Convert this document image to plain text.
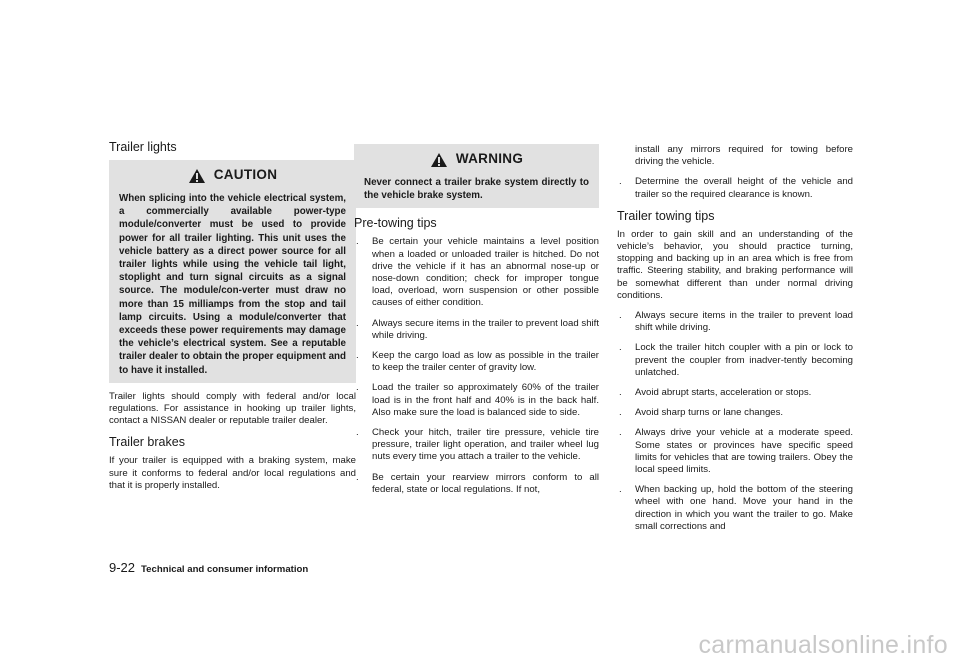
Trailer lights
CAUTION
When splicing into the vehicle electrical system, a commercially available power-type module/converter must be used to provide power for all trailer lighting. This unit uses the vehicle battery as a direct power source for all trailer lights while using the vehicle tail light, stoplight and turn signal circuits as a signal source. The module/con-verter must draw no more than 15 milliamps from the stop and tail lamp circuits. Using a module/converter that exceeds these power requirements may damage the vehicle’s electrical system. See a reputable trailer dealer to obtain the proper equipment and to have it installed.
Trailer lights should comply with federal and/or local regulations. For assistance in hooking up trailer lights, contact a NISSAN dealer or reputable trailer dealer.
Trailer brakes
If your trailer is equipped with a braking system, make sure it conforms to federal and/or local regulations and that it is properly installed.
WARNING
Never connect a trailer brake system directly to the vehicle brake system.
Pre-towing tips
. Be certain your vehicle maintains a level position when a loaded or unloaded trailer is hitched. Do not drive the vehicle if it has an abnormal nose-up or nose-down condition; check for improper tongue load, overload, worn suspension or other possible causes of either condition.
. Always secure items in the trailer to prevent load shift while driving.
. Keep the cargo load as low as possible in the trailer to keep the trailer center of gravity low.
. Load the trailer so approximately 60% of the trailer load is in the front half and 40% is in the back half. Also make sure the load is balanced side to side.
. Check your hitch, trailer tire pressure, vehicle tire pressure, trailer light operation, and trailer wheel lug nuts every time you attach a trailer to the vehicle.
. Be certain your rearview mirrors conform to all federal, state or local regulations. If not,
install any mirrors required for towing before driving the vehicle.
. Determine the overall height of the vehicle and trailer so the required clearance is known.
Trailer towing tips
In order to gain skill and an understanding of the vehicle’s behavior, you should practice turning, stopping and backing up in an area which is free from traffic. Steering stability, and braking performance will be somewhat different than under normal driving conditions.
. Always secure items in the trailer to prevent load shift while driving.
. Lock the trailer hitch coupler with a pin or lock to prevent the coupler from inadver-tently becoming unlatched.
. Avoid abrupt starts, acceleration or stops.
. Avoid sharp turns or lane changes.
. Always drive your vehicle at a moderate speed. Some states or provinces have specific speed limits for vehicles that are towing trailers. Obey the local speed limits.
. When backing up, hold the bottom of the steering wheel with one hand. Move your hand in the direction in which you want the trailer to go. Make small corrections and
9-22 Technical and consumer information
carmanualsonline.info
